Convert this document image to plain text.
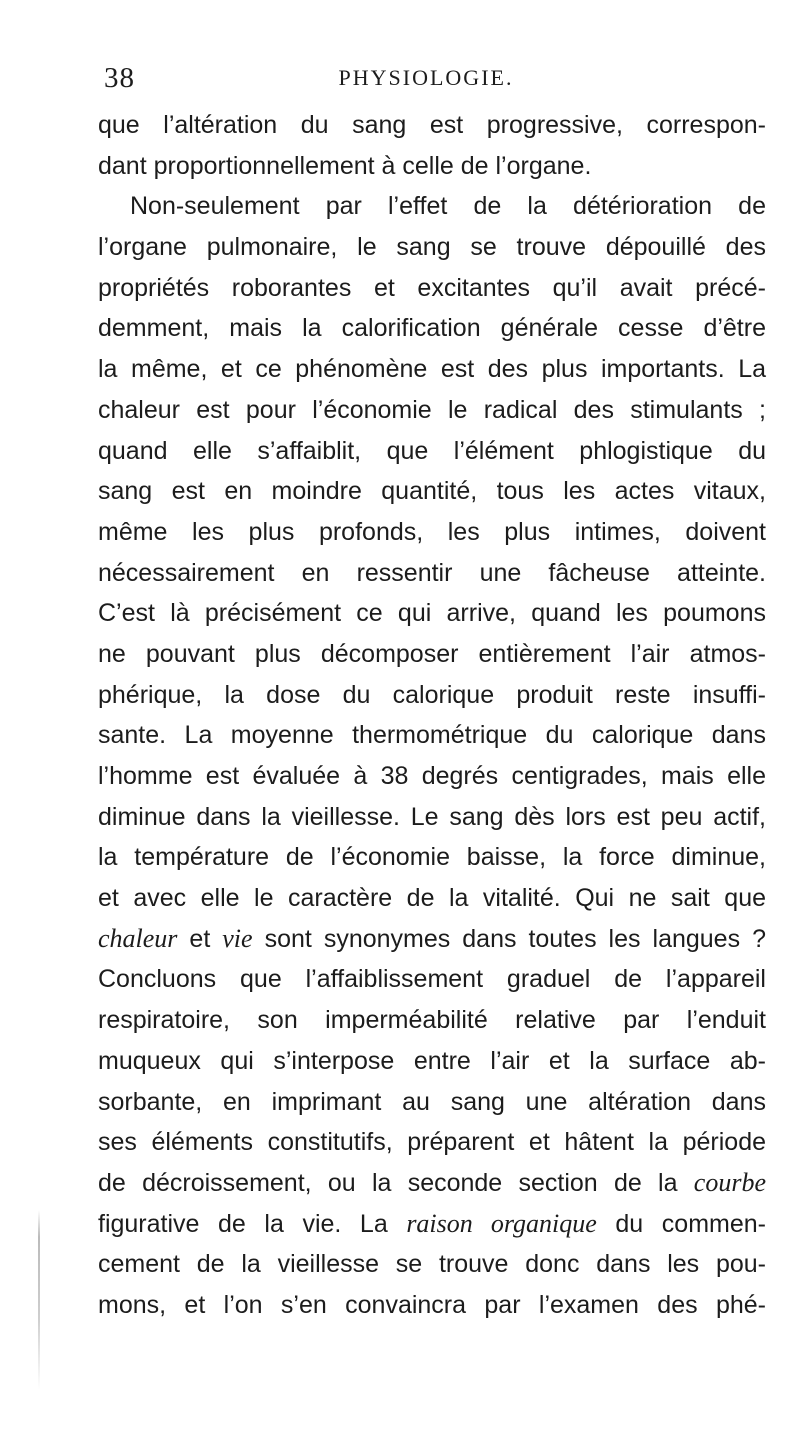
38	PHYSIOLOGIE.
que l’altération du sang est progressive, correspon-
dant proportionnellement à celle de l’organe.
Non-seulement par l’effet de la détérioration de
l’organe pulmonaire, le sang se trouve dépouillé des
propriétés roborantes et excitantes qu’il avait précé-
demment, mais la calorification générale cesse d’être
la même, et ce phénomène est des plus importants. La
chaleur est pour l’économie le radical des stimulants ;
quand elle s’affaiblit, que l’élément phlogistique du
sang est en moindre quantité, tous les actes vitaux,
même les plus profonds, les plus intimes, doivent
nécessairement en ressentir une fâcheuse atteinte.
C’est là précisément ce qui arrive, quand les poumons
ne pouvant plus décomposer entièrement l’air atmos-
phérique, la dose du calorique produit reste insuffi-
sante. La moyenne thermométrique du calorique dans
l’homme est évaluée à 38 degrés centigrades, mais elle
diminue dans la vieillesse. Le sang dès lors est peu actif,
la température de l’économie baisse, la force diminue,
et avec elle le caractère de la vitalité. Qui ne sait que
chaleur et vie sont synonymes dans toutes les langues ?
Concluons que l’affaiblissement graduel de l’appareil
respiratoire, son imperméabilité relative par l’enduit
muqueux qui s’interpose entre l’air et la surface ab-
sorbante, en imprimant au sang une altération dans
ses éléments constitutifs, préparent et hâtent la période
de décroissement, ou la seconde section de la courbe
figurative de la vie. La raison organique du commen-
cement de la vieillesse se trouve donc dans les pou-
mons, et l’on s’en convaincra par l’examen des phé-
